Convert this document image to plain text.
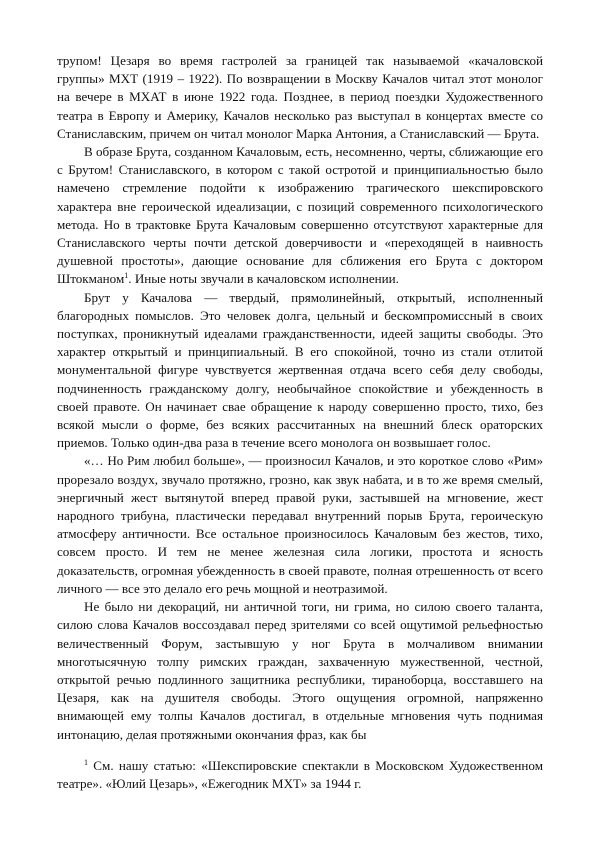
трупом! Цезаря во время гастролей за границей так называемой «качаловской группы» МХТ (1919 – 1922). По возвращении в Москву Качалов читал этот монолог на вечере в МХАТ в июне 1922 года. Позднее, в период поездки Художественного театра в Европу и Америку, Качалов несколько раз выступал в концертах вместе со Станиславским, причем он читал монолог Марка Антония, а Станиславский — Брута.

В образе Брута, созданном Качаловым, есть, несомненно, черты, сближающие его с Брутом! Станиславского, в котором с такой остротой и принципиальностью было намечено стремление подойти к изображению трагического шекспировского характера вне героической идеализации, с позиций современного психологического метода. Но в трактовке Брута Качаловым совершенно отсутствуют характерные для Станиславского черты почти детской доверчивости и «переходящей в наивность душевной простоты», дающие основание для сближения его Брута с доктором Штокманом$^1$. Иные ноты звучали в качаловском исполнении.

Брут у Качалова — твердый, прямолинейный, открытый, исполненный благородных помыслов. Это человек долга, цельный и бескомпромиссный в своих поступках, проникнутый идеалами гражданственности, идеей защиты свободы. Это характер открытый и принципиальный. В его спокойной, точно из стали отлитой монументальной фигуре чувствуется жертвенная отдача всего себя делу свободы, подчиненность гражданскому долгу, необычайное спокойствие и убежденность в своей правоте. Он начинает свае обращение к народу совершенно просто, тихо, без всякой мысли о форме, без всяких рассчитанных на внешний блеск ораторских приемов. Только один-два раза в течение всего монолога он возвышает голос.

«… Но Рим любил больше», — произносил Качалов, и это короткое слово «Рим» прорезало воздух, звучало протяжно, грозно, как звук набата, и в то же время смелый, энергичный жест вытянутой вперед правой руки, застывшей на мгновение, жест народного трибуна, пластически передавал внутренний порыв Брута, героическую атмосферу античности. Все остальное произносилось Качаловым без жестов, тихо, совсем просто. И тем не менее железная сила логики, простота и ясность доказательств, огромная убежденность в своей правоте, полная отрешенность от всего личного — все это делало его речь мощной и неотразимой.

Не было ни декораций, ни античной тоги, ни грима, но силою своего таланта, силою слова Качалов воссоздавал перед зрителями со всей ощутимой рельефностью величественный Форум, застывшую у ног Брута в молчаливом внимании многотысячную толпу римских граждан, захваченную мужественной, честной, открытой речью подлинного защитника республики, тираноборца, восставшего на Цезаря, как на душителя свободы. Этого ощущения огромной, напряженно внимающей ему толпы Качалов достигал, в отдельные мгновения чуть поднимая интонацию, делая протяжными окончания фраз, как бы

$^1$ См. нашу статью: «Шекспировские спектакли в Московском Художественном театре». «Юлий Цезарь», «Ежегодник МХТ» за 1944 г.
